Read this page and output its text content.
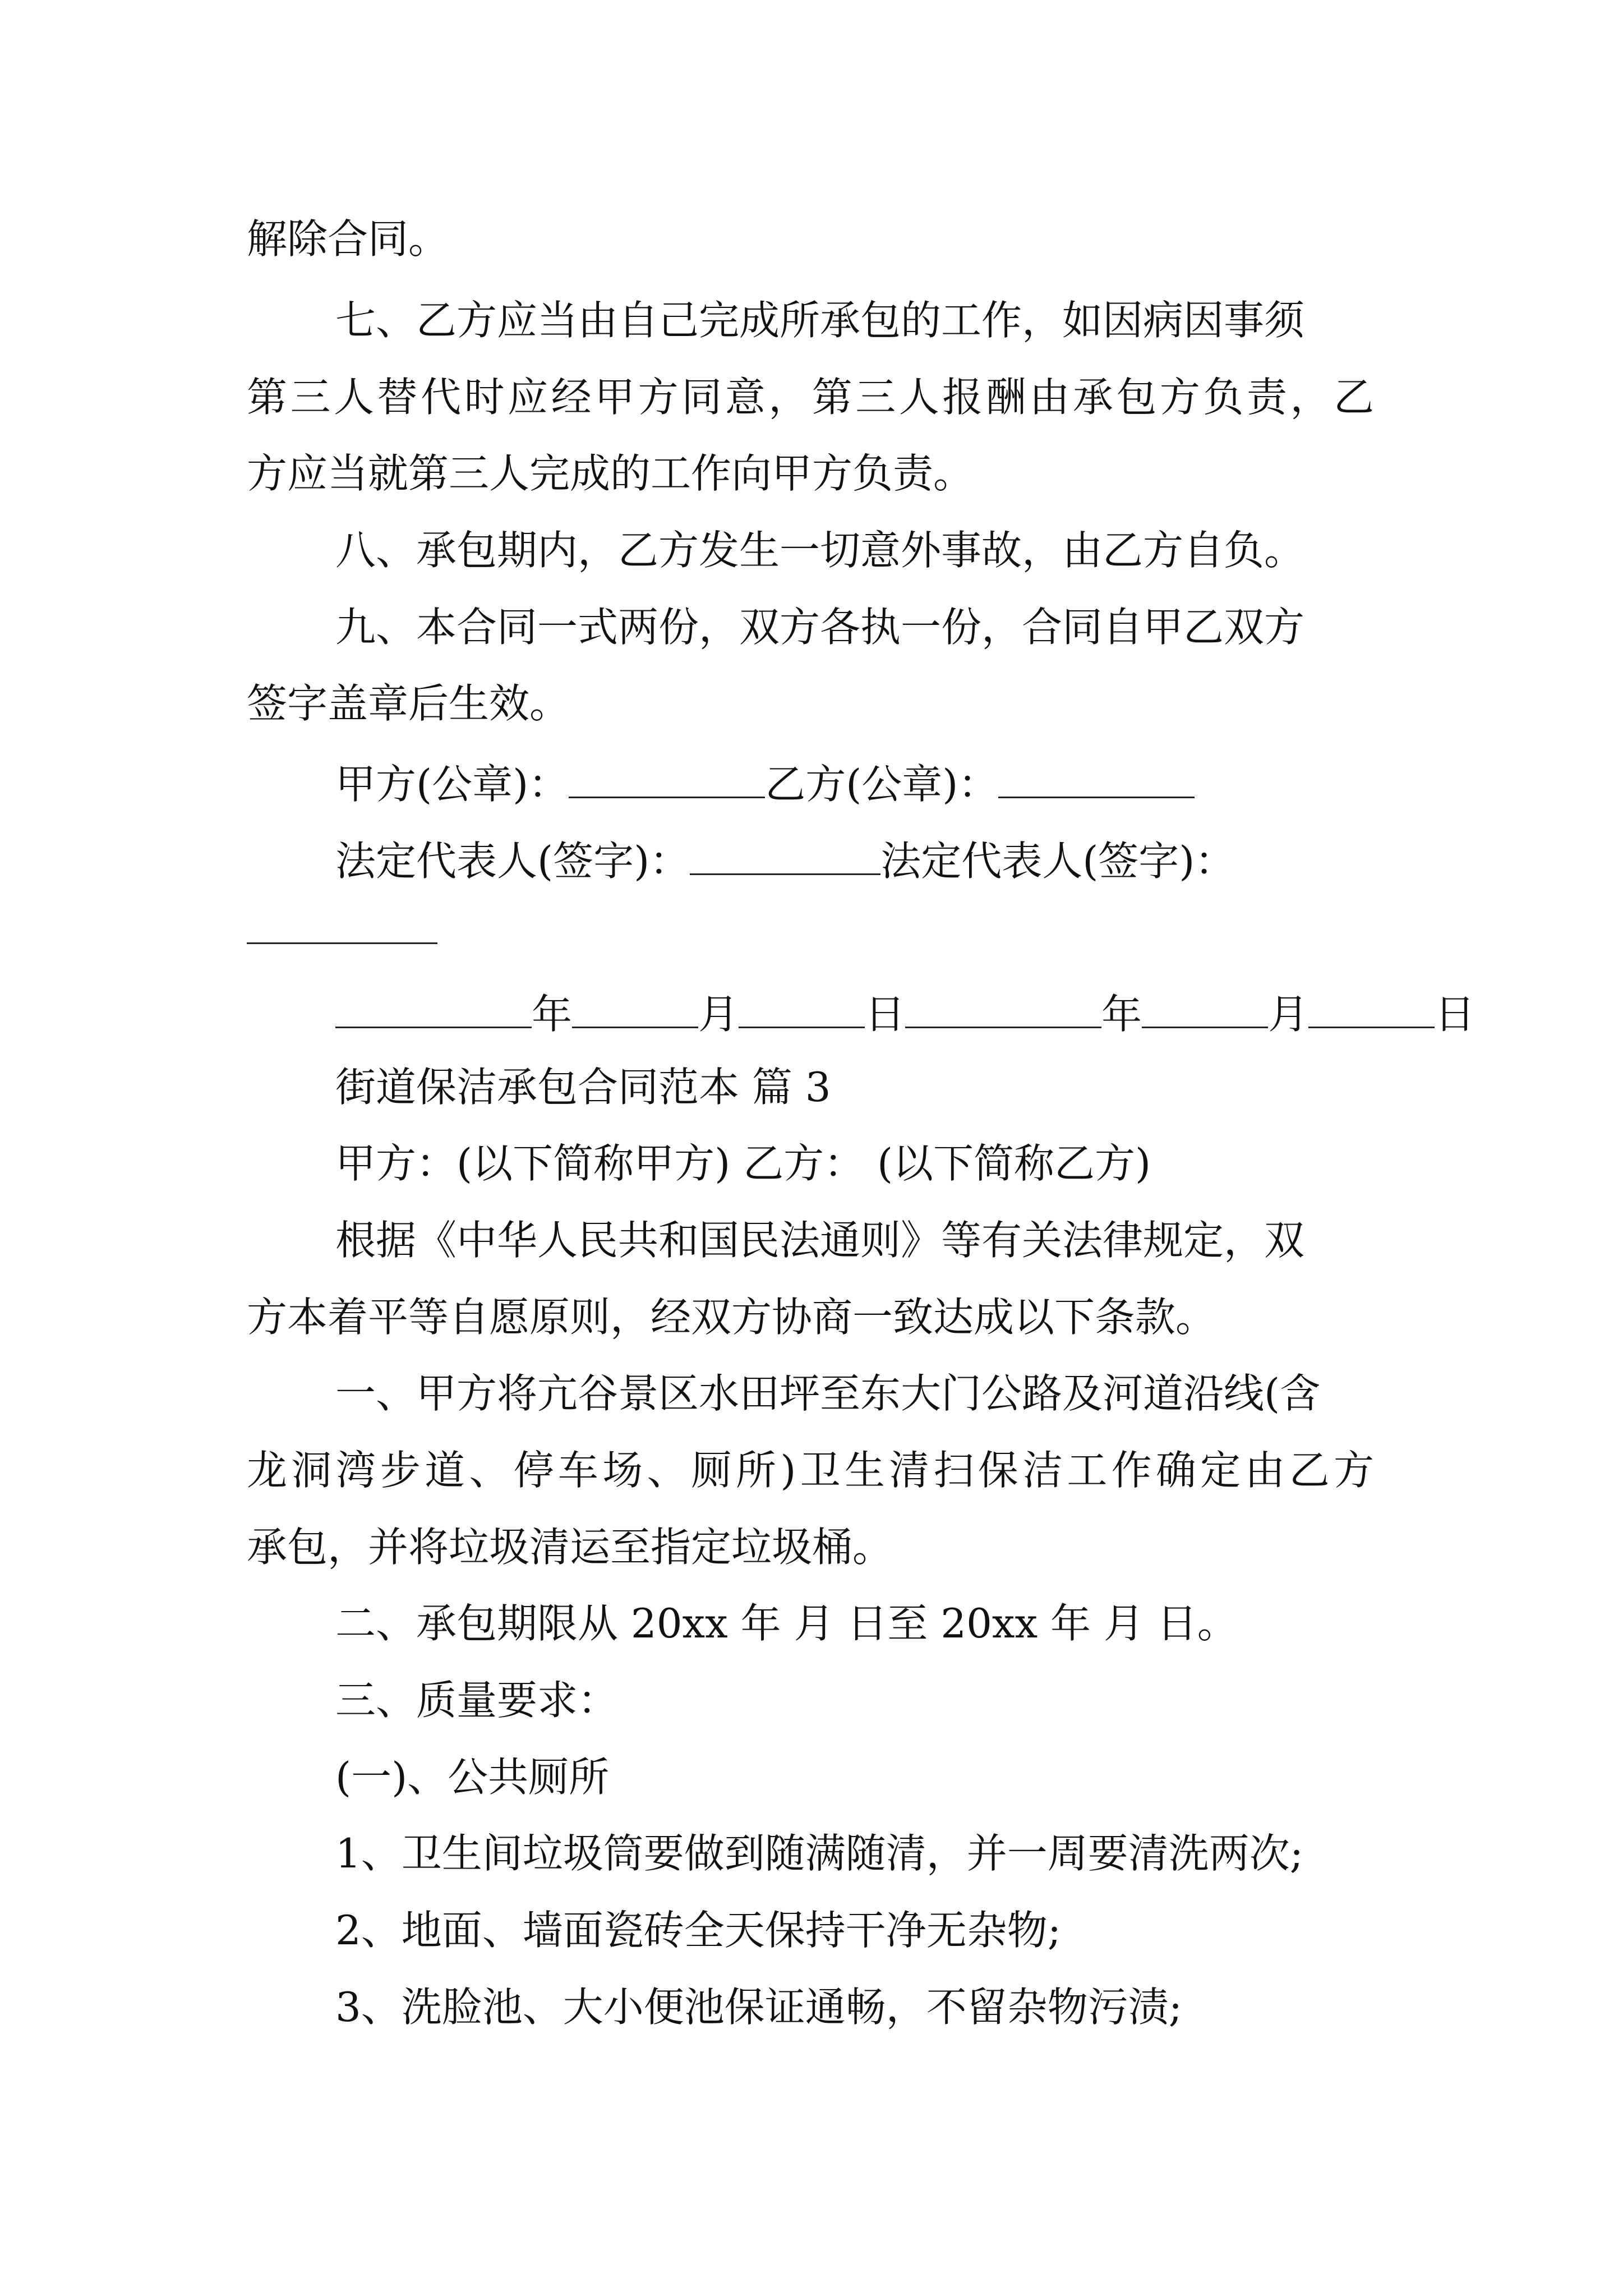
解除合同。
七、乙方应当由自己完成所承包的工作，如因病因事须
第三人替代时应经甲方同意，第三人报酬由承包方负责，乙
方应当就第三人完成的工作向甲方负责。
八、承包期内，乙方发生一切意外事故，由乙方自负。
九、本合同一式两份，双方各执一份，合同自甲乙双方
签字盖章后生效。
甲方(公章)：	乙方(公章)：
法定代表人(签字)：	法定代表人(签字)：
年	月	日	年	月	日
街道保洁承包合同范本 篇 3
甲方：(以下简称甲方) 乙方： (以下简称乙方)
根据《中华人民共和国民法通则》等有关法律规定，双
方本着平等自愿原则，经双方协商一致达成以下条款。
一、甲方将亢谷景区水田坪至东大门公路及河道沿线(含
龙洞湾步道、停车场、厕所)卫生清扫保洁工作确定由乙方
承包，并将垃圾清运至指定垃圾桶。
二、承包期限从 20xx 年 月 日至 20xx 年 月 日。
三、质量要求：
(一)、公共厕所
1、卫生间垃圾筒要做到随满随清，并一周要清洗两次;
2、地面、墙面瓷砖全天保持干净无杂物;
3、洗脸池、大小便池保证通畅，不留杂物污渍;
